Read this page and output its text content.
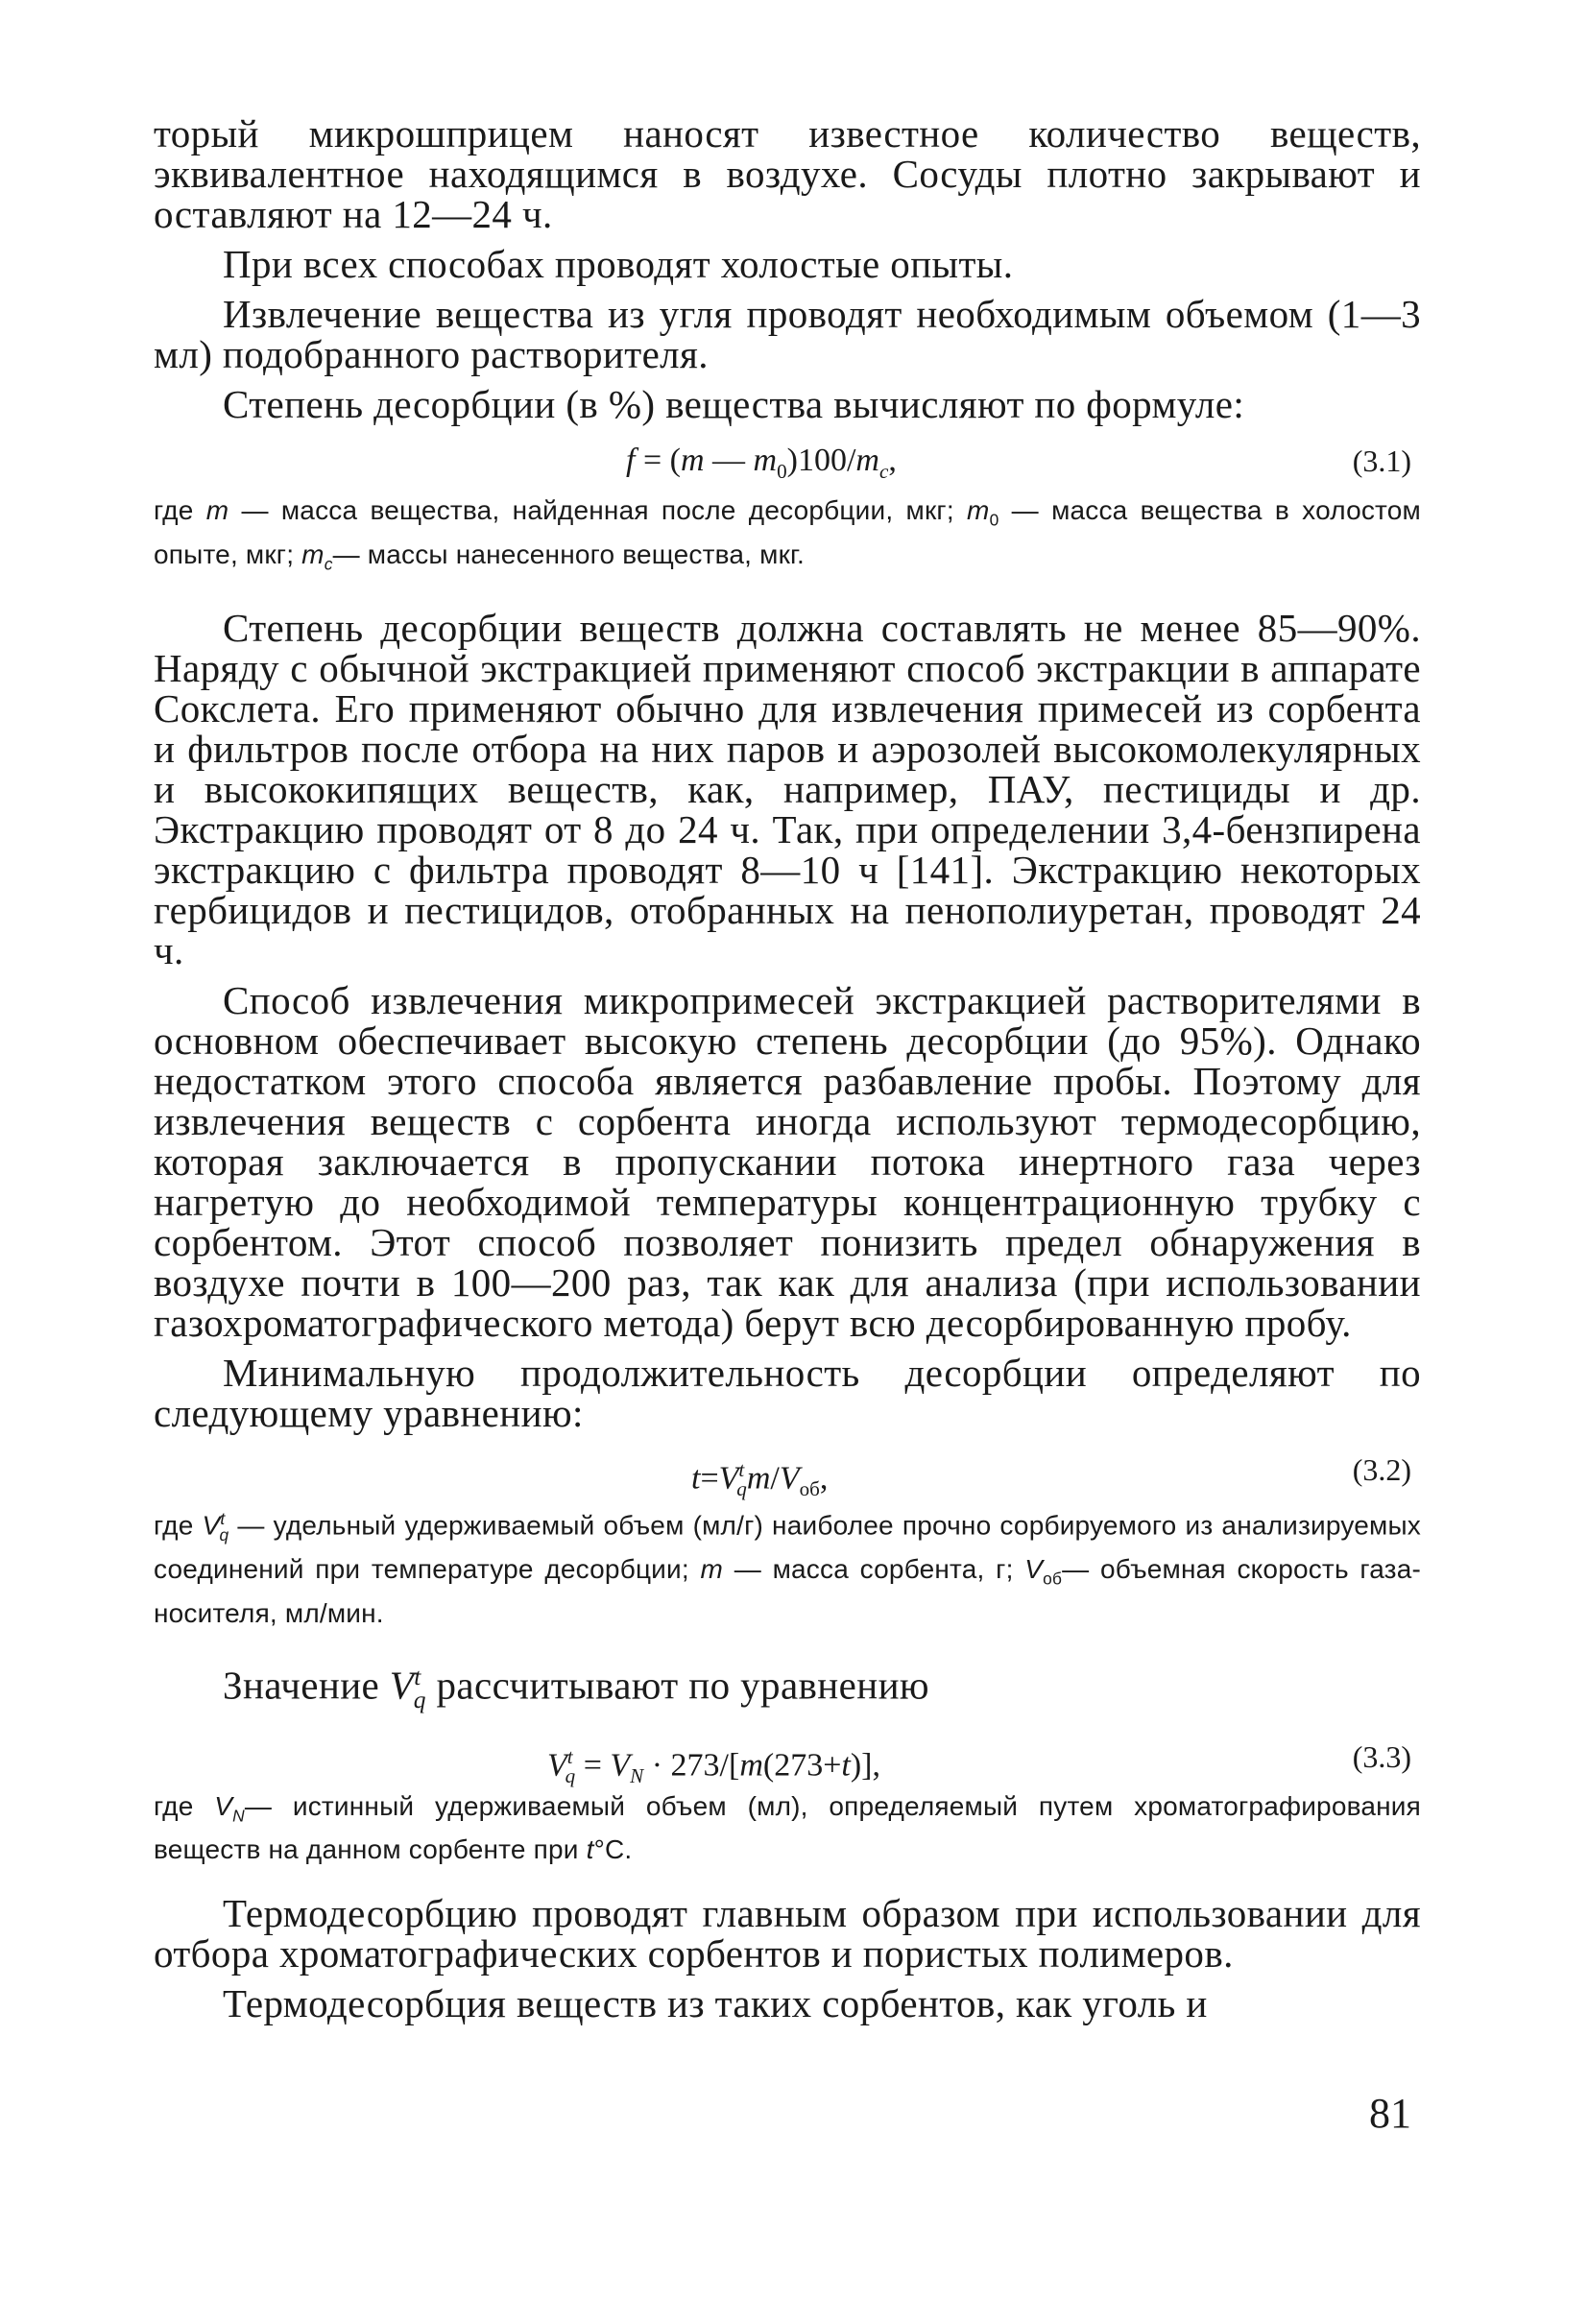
торый микрошприцем наносят известное количество веществ, эквивалентное находящимся в воздухе. Сосуды плотно закрывают и оставляют на 12—24 ч.

При всех способах проводят холостые опыты.

Извлечение вещества из угля проводят необходимым объемом (1—3 мл) подобранного растворителя.

Степень десорбции (в %) вещества вычисляют по формуле:

f = (m — $m_0)100/m_c$,	(3.1)
где m — масса вещества, найденная после десорбции, мкг; $m_0$ — масса вещества в холостом опыте, мкг; $m_c—$ массы нанесенного вещества, мкг.

Степень десорбции веществ должна составлять не менее 85—90%. Наряду с обычной экстракцией применяют способ экстракции в аппарате Сокслета. Его применяют обычно для извлечения примесей из сорбента и фильтров после отбора на них паров и аэрозолей высокомолекулярных и высококипящих веществ, как, например, ПАУ, пестициды и др. Экстракцию проводят от 8 до 24 ч. Так, при определении 3,4-бензпирена экстракцию с фильтра проводят 8—10 ч [141]. Экстракцию некоторых гербицидов и пестицидов, отобранных на пенополиуретан, проводят 24 ч.

Способ извлечения микропримесей экстракцией растворителями в основном обеспечивает высокую степень десорбции (до 95%). Однако недостатком этого способа является разбавление пробы. Поэтому для извлечения веществ с сорбента иногда используют термодесорбцию, которая заключается в пропускании потока инертного газа через нагретую до необходимой температуры концентрационную трубку с сорбентом. Этот способ позволяет понизить предел обнаружения в воздухе почти в 100—200 раз, так как для анализа (при использовании газохроматографического метода) берут всю десорбированную пробу.

Минимальную продолжительность десорбции определяют по следующему уравнению:

$t=V^t_qm/V_{об}$,	(3.2)
где $V^t_q$ — удельный удерживаемый объем (мл/г) наиболее прочно сорбируемого из анализируемых соединений при температуре десорбции; m — масса сорбента, г; $V_{об}—$ объемная скорость газа-носителя, мл/мин.

Значение $V^t_q$ рассчитывают по уравнению

$V^t_q = V_N \cdot 273/[m(273+t)]$,	(3.3)
где $V_N—$ истинный удерживаемый объем (мл), определяемый путем хроматографирования веществ на данном сорбенте при t°C.

Термодесорбцию проводят главным образом при использовании для отбора хроматографических сорбентов и пористых полимеров.

Термодесорбция веществ из таких сорбентов, как уголь и

81
